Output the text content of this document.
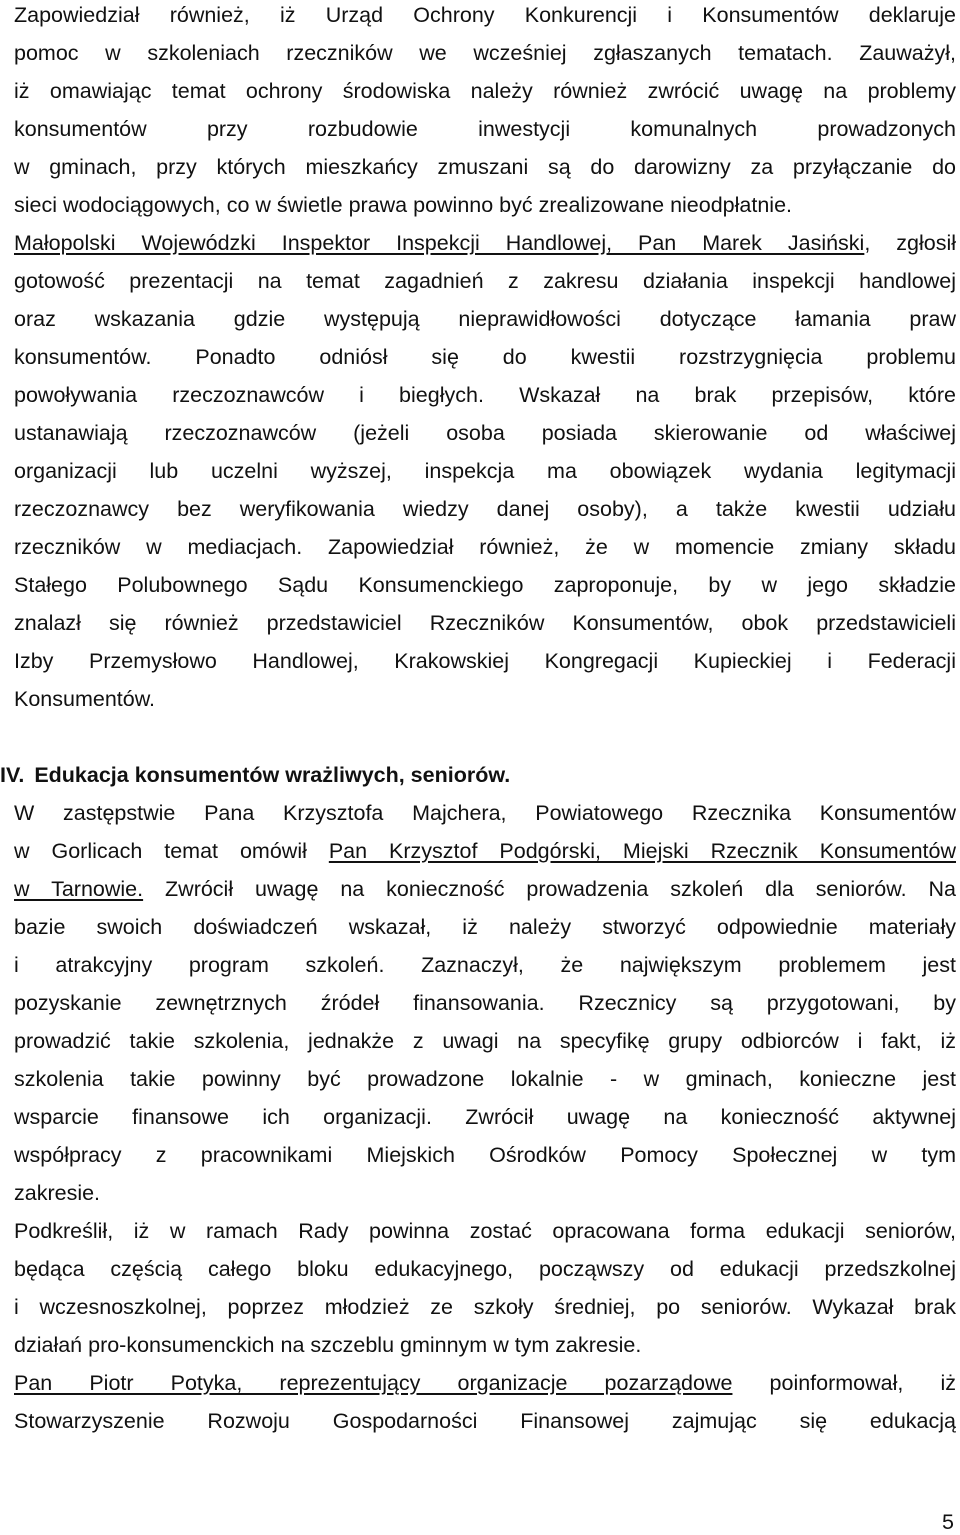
Zapowiedział również, iż Urząd Ochrony Konkurencji i Konsumentów deklaruje
pomoc w szkoleniach rzeczników we wcześniej zgłaszanych tematach. Zauważył,
iż omawiając temat ochrony środowiska należy również zwrócić uwagę na problemy
konsumentów przy rozbudowie inwestycji komunalnych prowadzonych
w gminach, przy których mieszkańcy zmuszani są do darowizny za przyłączanie do
sieci wodociągowych, co w świetle prawa powinno być zrealizowane nieodpłatnie.
Małopolski Wojewódzki Inspektor Inspekcji Handlowej, Pan Marek Jasiński, zgłosił
gotowość prezentacji na temat zagadnień z zakresu działania inspekcji handlowej
oraz wskazania gdzie występują nieprawidłowości dotyczące łamania praw
konsumentów. Ponadto odniósł się do kwestii rozstrzygnięcia problemu
powoływania rzeczoznawców i biegłych. Wskazał na brak przepisów, które
ustanawiają rzeczoznawców (jeżeli osoba posiada skierowanie od właściwej
organizacji lub uczelni wyższej, inspekcja ma obowiązek wydania legitymacji
rzeczoznawcy bez weryfikowania wiedzy danej osoby), a także kwestii udziału
rzeczników w mediacjach. Zapowiedział również, że w momencie zmiany składu
Stałego Polubownego Sądu Konsumenckiego zaproponuje, by w jego składzie
znalazł się również przedstawiciel Rzeczników Konsumentów, obok przedstawicieli
Izby Przemysłowo Handlowej, Krakowskiej Kongregacji Kupieckiej i Federacji
Konsumentów.
IV. Edukacja konsumentów wrażliwych, seniorów.
W zastępstwie Pana Krzysztofa Majchera, Powiatowego Rzecznika Konsumentów
w Gorlicach temat omówił Pan Krzysztof Podgórski, Miejski Rzecznik Konsumentów
w Tarnowie. Zwrócił uwagę na konieczność prowadzenia szkoleń dla seniorów. Na
bazie swoich doświadczeń wskazał, iż należy stworzyć odpowiednie materiały
i atrakcyjny program szkoleń. Zaznaczył, że największym problemem jest
pozyskanie zewnętrznych źródeł finansowania. Rzecznicy są przygotowani, by
prowadzić takie szkolenia, jednakże z uwagi na specyfikę grupy odbiorców i fakt, iż
szkolenia takie powinny być prowadzone lokalnie - w gminach, konieczne jest
wsparcie finansowe ich organizacji. Zwrócił uwagę na konieczność aktywnej
współpracy z pracownikami Miejskich Ośrodków Pomocy Społecznej w tym
zakresie.
Podkreślił, iż w ramach Rady powinna zostać opracowana forma edukacji seniorów,
będąca częścią całego bloku edukacyjnego, począwszy od edukacji przedszkolnej
i wczesnoszkolnej, poprzez młodzież ze szkoły średniej, po seniorów. Wykazał brak
działań pro-konsumenckich na szczeblu gminnym w tym zakresie.
Pan Piotr Potyka, reprezentujący organizacje pozarządowe poinformował, iż
Stowarzyszenie Rozwoju Gospodarności Finansowej zajmując się edukacją
5
